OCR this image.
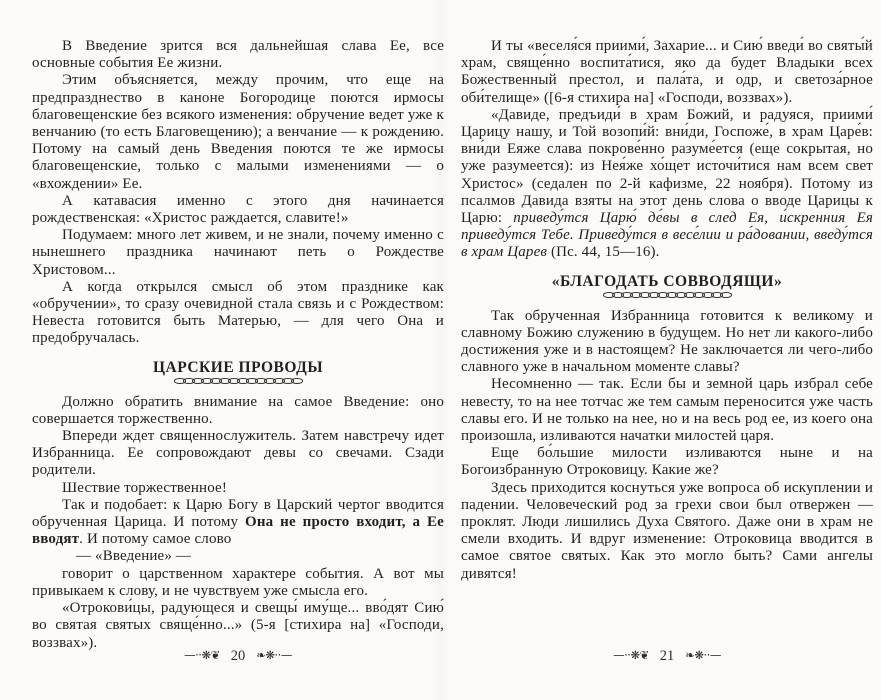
В Введение зрится вся дальнейшая слава Ее, все основные события Ее жизни.

Этим объясняется, между прочим, что еще на предпразднество в каноне Богородице поются ирмосы благовещенские без всякого изменения: обручение ведет уже к венчанию (то есть Благовещению); а венчание — к рождению. Потому на самый день Введения поются те же ирмосы благовещенские, только с малыми изменениями — о «вхождении» Ее.

А катавасия именно с этого дня начинается рождественская: «Христос раждается, славите!»

Подумаем: много лет живем, и не знали, почему именно с нынешнего праздника начинают петь о Рождестве Христовом...

А когда открылся смысл об этом празднике как «обручении», то сразу очевидной стала связь и с Рождеством: Невеста готовится быть Матерью, — для чего Она и предобручалась.

ЦАРСКИЕ ПРОВОДЫ

Должно обратить внимание на самое Введение: оно совершается торжественно.

Впереди ждет священнослужитель. Затем навстречу идет Избранница. Ее сопровождают девы со свечами. Сзади родители.

Шествие торжественное!

Так и подобает: к Царю Богу в Царский чертог вводится обрученная Царица. И потому Она не просто входит, а Ее вводят. И потому самое слово

— «Введение» —

говорит о царственном характере события. А вот мы привыкаем к слову, и не чувствуем уже смысла его.

«Отрокови́цы, радующеся и свещы́ иму́ще... вво́дят Сию́ во святая святых свяще́нно...» (5-я [стихира на] «Господи, воззвах»).

И ты «веселя́ся приими́, Захарие... и Сию́ введи́ во святы́й храм, свяще́нно воспита́тися, яко да будет Владыки всех Божественный престол, и пала́та, и одр, и светоза́рное оби́телище» ([6-я стихира на] «Господи, воззвах»).

«Давиде, предъиди́ в храм Божий, и радуяся, приими́ Царицу нашу, и Той возопи́й: вни́ди, Госпоже́, в храм Царе́в: вни́ди Еяже слава покрове́нно разуме́ется (еще сокрытая, но уже разумеется): из Нея́же хо́щет источи́тися нам всем свет Христос» (седален по 2-й кафизме, 22 ноября). Потому из псалмов Давида взяты на этот день слова о вводе Царицы к Царю: приведу́тся Царю́ де́вы в след Ея, и́скренния Ея приведу́тся Тебе. Приведу́тся в весе́лии и ра́довании, введу́тся в храм Царев (Пс. 44, 15—16).

«БЛАГОДАТЬ СОВВОДЯЩИ»

Так обрученная Избранница готовится к великому и славному Божию служению в будущем. Но нет ли какого-либо достижения уже и в настоящем? Не заключается ли чего-либо славного уже в начальном моменте славы?

Несомненно — так. Если бы и земной царь избрал себе невесту, то на нее тотчас же тем самым переносится уже часть славы его. И не только на нее, но и на весь род ее, из коего она произошла, изливаются начатки милостей царя.

Еще бо́льшие милости изливаются ныне и на Богоизбранную Отроковицу. Какие же?

Здесь приходится коснуться уже вопроса об искуплении и падении. Человеческий род за грехи свои был отвержен — проклят. Люди лишились Духа Святого. Даже они в храм не смели входить. И вдруг изменение: Отроковица вводится в самое святое святых. Как это могло быть? Сами ангелы дивятся!

—··❋❦ 20 ❧❋··—	—··❋❦ 21 ❧❋··—
